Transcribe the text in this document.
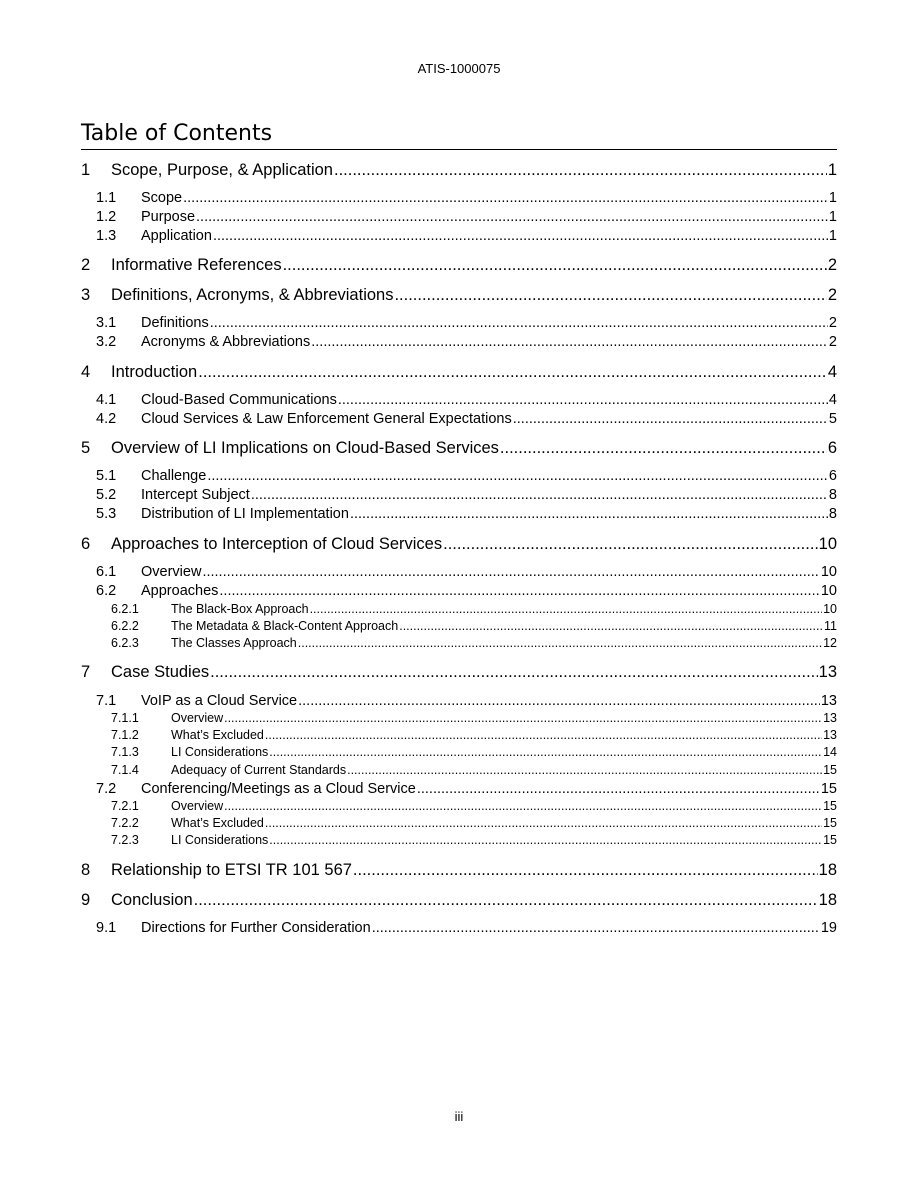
ATIS-1000075
Table of Contents
1	Scope, Purpose, & Application .....	1
1.1	Scope .....	1
1.2	Purpose .....	1
1.3	Application .....	1
2	Informative References .....	2
3	Definitions, Acronyms, & Abbreviations .....	2
3.1	Definitions .....	2
3.2	Acronyms & Abbreviations .....	2
4	Introduction .....	4
4.1	Cloud-Based Communications .....	4
4.2	Cloud Services & Law Enforcement General Expectations .....	5
5	Overview of LI Implications on Cloud-Based Services .....	6
5.1	Challenge .....	6
5.2	Intercept Subject .....	8
5.3	Distribution of LI Implementation .....	8
6	Approaches to Interception of Cloud Services .....	10
6.1	Overview .....	10
6.2	Approaches .....	10
6.2.1	The Black-Box Approach .....	10
6.2.2	The Metadata & Black-Content Approach .....	11
6.2.3	The Classes Approach .....	12
7	Case Studies .....	13
7.1	VoIP as a Cloud Service .....	13
7.1.1	Overview .....	13
7.1.2	What’s Excluded .....	13
7.1.3	LI Considerations .....	14
7.1.4	Adequacy of Current Standards .....	15
7.2	Conferencing/Meetings as a Cloud Service .....	15
7.2.1	Overview .....	15
7.2.2	What’s Excluded .....	15
7.2.3	LI Considerations .....	15
8	Relationship to ETSI TR 101 567 .....	18
9	Conclusion .....	18
9.1	Directions for Further Consideration .....	19
iii
